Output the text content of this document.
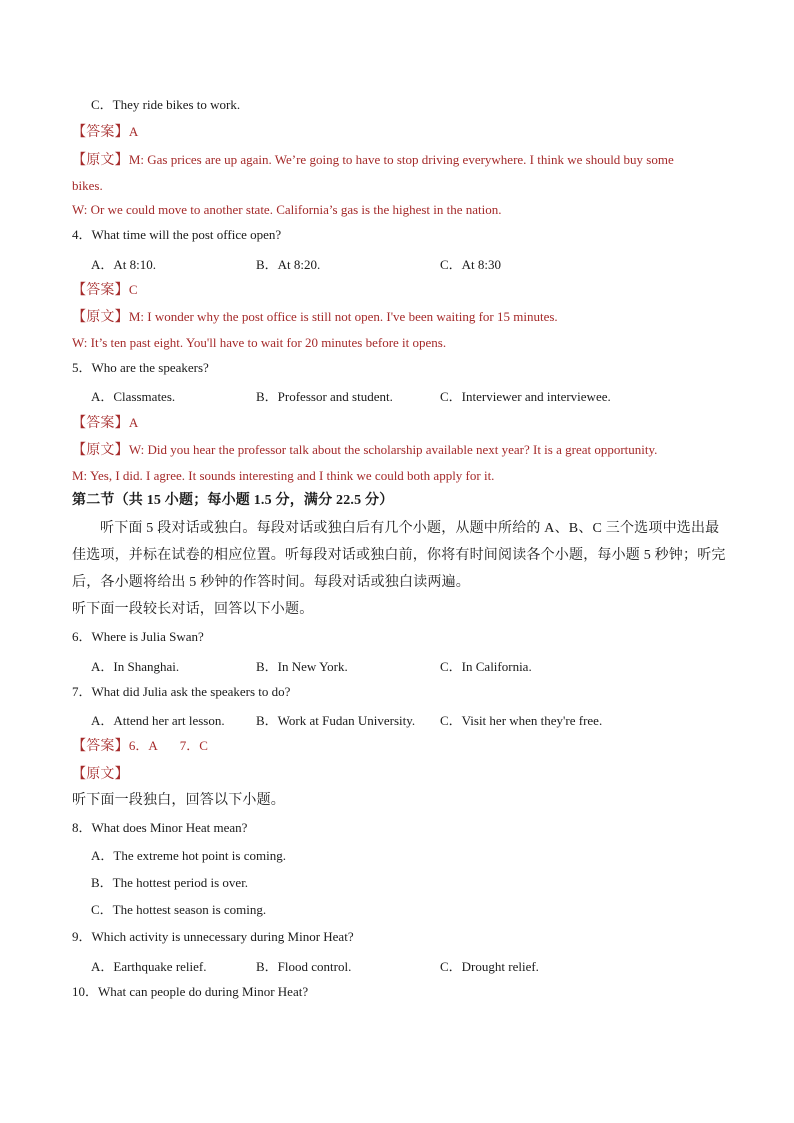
C．They ride bikes to work.
【答案】A
【原文】M: Gas prices are up again. We’re going to have to stop driving everywhere. I think we should buy some
bikes.
W: Or we could move to another state. California’s gas is the highest in the nation.
4．What time will the post office open?
A．At 8:10.	B．At 8:20.	C．At 8:30
【答案】C
【原文】M: I wonder why the post office is still not open. I've been waiting for 15 minutes.
W: It’s ten past eight. You'll have to wait for 20 minutes before it opens.
5．Who are the speakers?
A．Classmates.	B．Professor and student.	C．Interviewer and interviewee.
【答案】A
【原文】W: Did you hear the professor talk about the scholarship available next year? It is a great opportunity.
M: Yes, I did. I agree. It sounds interesting and I think we could both apply for it.
第二节（共 15 小题；每小题 1.5 分，满分 22.5 分）
听下面 5 段对话或独白。每段对话或独白后有几个小题，从题中所给的 A、B、C 三个选项中选出最
佳选项，并标在试卷的相应位置。听每段对话或独白前，你将有时间阅读各个小题，每小题 5 秒钟；听完
后，各小题将给出 5 秒钟的作答时间。每段对话或独白读两遍。
听下面一段较长对话，回答以下小题。
6．Where is Julia Swan?
A．In Shanghai.	B．In New York.	C．In California.
7．What did Julia ask the speakers to do?
A．Attend her art lesson. B．Work at Fudan University. C．Visit her when they're free.
【答案】6．A       7．C
【原文】
听下面一段独白，回答以下小题。
8．What does Minor Heat mean?
A．The extreme hot point is coming.
B．The hottest period is over.
C．The hottest season is coming.
9．Which activity is unnecessary during Minor Heat?
A．Earthquake relief.	B．Flood control.	C．Drought relief.
10．What can people do during Minor Heat?
